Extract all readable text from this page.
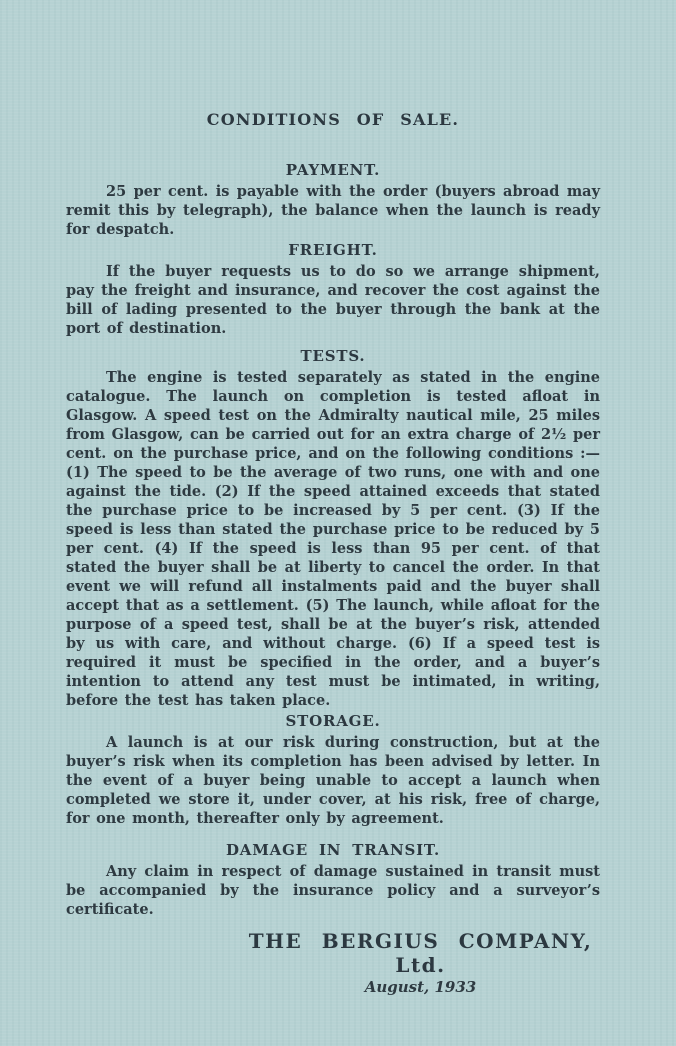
CONDITIONS OF SALE.
PAYMENT.

25 per cent. is payable with the order (buyers abroad may remit this by telegraph), the balance when the launch is ready for despatch.

FREIGHT.

If the buyer requests us to do so we arrange shipment, pay the freight and insurance, and recover the cost against the bill of lading presented to the buyer through the bank at the port of destination.

TESTS.

The engine is tested separately as stated in the engine catalogue. The launch on completion is tested afloat in Glasgow. A speed test on the Admiralty nautical mile, 25 miles from Glasgow, can be carried out for an extra charge of 2½ per cent. on the purchase price, and on the following conditions :—(1) The speed to be the average of two runs, one with and one against the tide. (2) If the speed attained exceeds that stated the purchase price to be increased by 5 per cent. (3) If the speed is less than stated the purchase price to be reduced by 5 per cent. (4) If the speed is less than 95 per cent. of that stated the buyer shall be at liberty to cancel the order. In that event we will refund all instalments paid and the buyer shall accept that as a settlement. (5) The launch, while afloat for the purpose of a speed test, shall be at the buyer’s risk, attended by us with care, and without charge. (6) If a speed test is required it must be specified in the order, and a buyer’s intention to attend any test must be intimated, in writing, before the test has taken place.

STORAGE.

A launch is at our risk during construction, but at the buyer’s risk when its completion has been advised by letter. In the event of a buyer being unable to accept a launch when completed we store it, under cover, at his risk, free of charge, for one month, thereafter only by agreement.

DAMAGE IN TRANSIT.

Any claim in respect of damage sustained in transit must be accompanied by the insurance policy and a surveyor’s certificate.

THE BERGIUS COMPANY, Ltd.
August, 1933
